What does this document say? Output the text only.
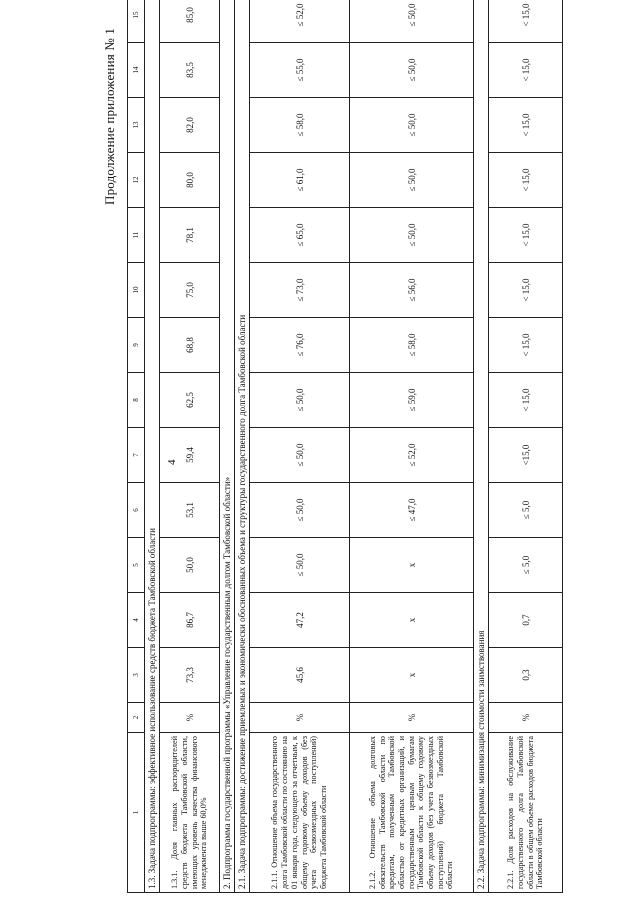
4
Продолжение приложения № 1
1	2	3	4	5	6	7	8	9	10	11	12	13	14	15
1.3. Задача подпрограммы: эффективное использование средств бюджета Тамбовской области														
1.3.1. Доля главных распорядителей средств бюджета Тамбовской области, имеющих уровень качества финансового менеджмента выше 60,0%	%	73,3	86,7	50,0	53,1	59,4	62,5	68,8	75,0	78,1	80,0	82,0	83,5	85,0
2. Подпрограмма государственной программы «Управление государственным долгом Тамбовской области»														
2.1. Задача подпрограммы: достижение приемлемых и экономически обоснованных объема и структуры государственного долга Тамбовской области														
2.1.1. Отношение объема государственного долга Тамбовской области по состоянию на 01 января года, следующего за отчетным, к общему годовому объему доходов (без учета безвозмездных поступлений) бюджета Тамбовской области	%	45,6	47,2	≤ 50,0	≤ 50,0	≤ 50,0	≤ 50,0	≤ 76,0	≤ 73,0	≤ 65,0	≤ 61,0	≤ 58,0	≤ 55,0	≤ 52,0
2.1.2. Отношение объема долговых обязательств Тамбовской области по кредитам, полученным Тамбовской областью от кредитных организаций, и государственным ценным бумагам Тамбовской области к общему годовому объему доходов (без учета безвозмездных поступлений) бюджета Тамбовской области	%	x	x	x	≤ 47,0	≤ 52,0	≤ 59,0	≤ 58,0	≤ 56,0	≤ 50,0	≤ 50,0	≤ 50,0	≤ 50,0	≤ 50,0
2.2. Задача подпрограммы: минимизация стоимости заимствования														
2.2.1. Доля расходов на обслуживание государственного долга Тамбовской области в общем объеме расходов бюджета Тамбовской области	%	0,3	0,7	≤ 5,0	≤ 5,0	<15,0	< 15,0	< 15,0	< 15,0	< 15,0	< 15,0	< 15,0	< 15,0	< 15,0
